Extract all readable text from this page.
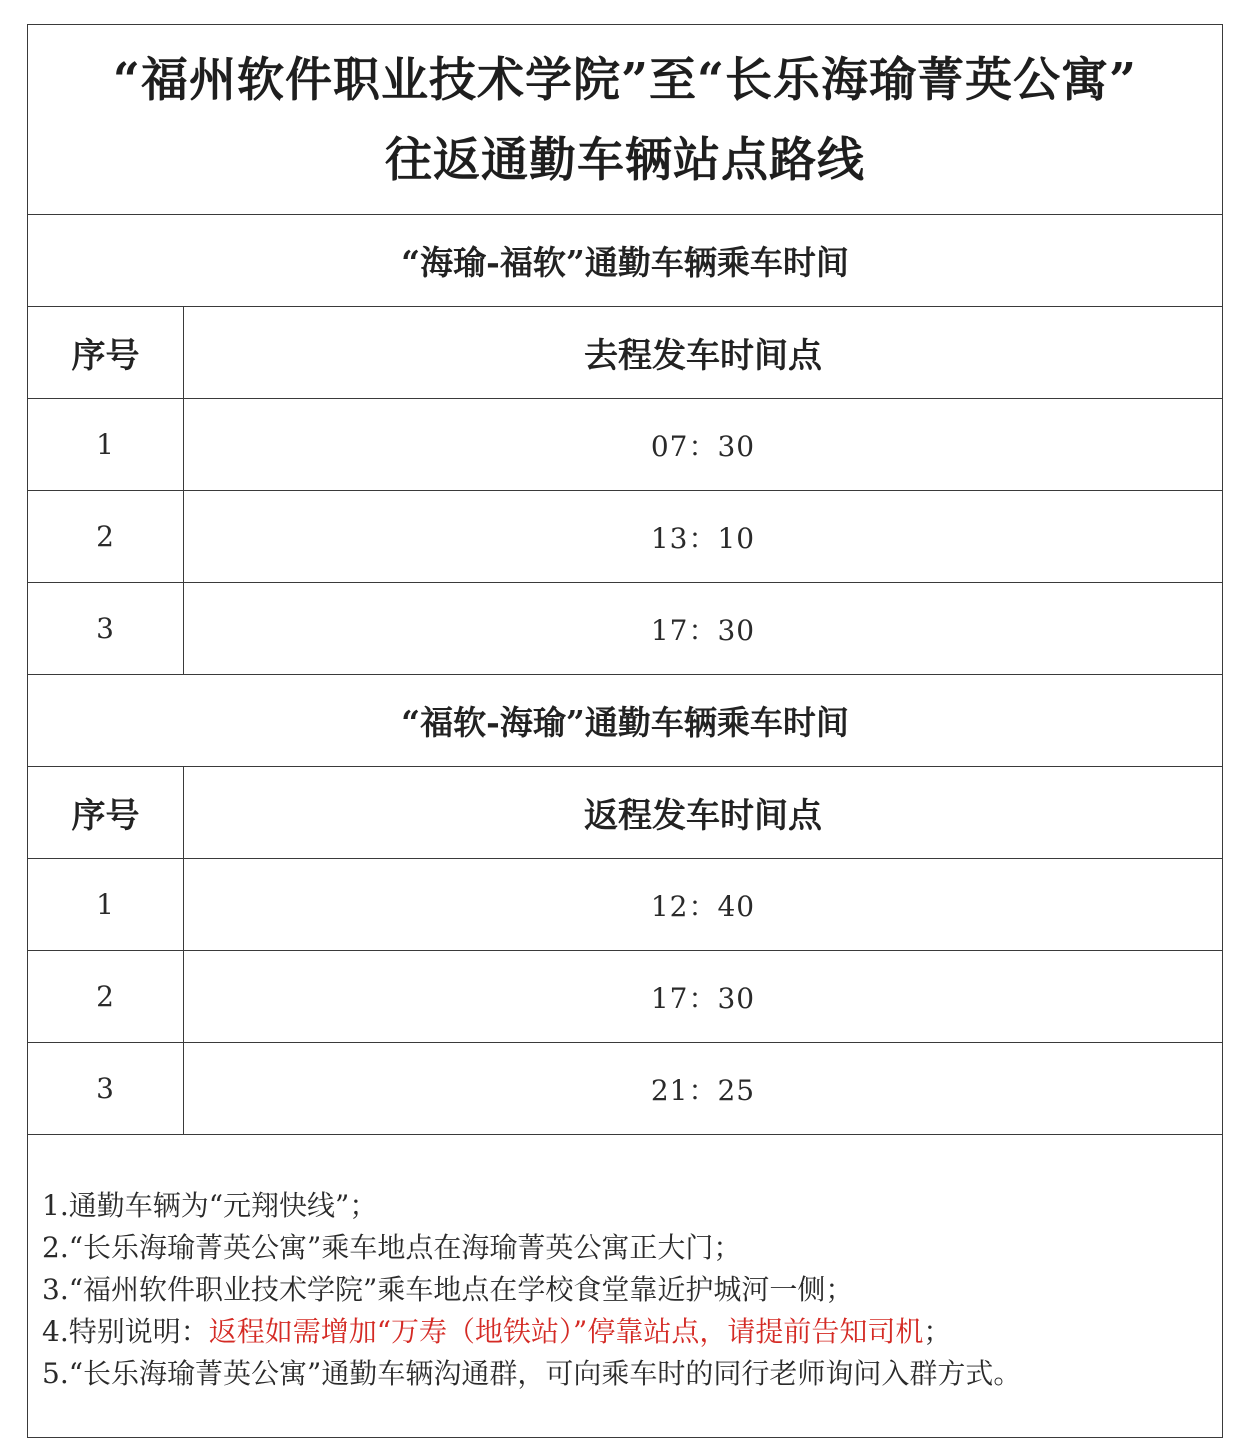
“福州软件职业技术学院”至“长乐海瑜菁英公寓”
往返通勤车辆站点路线
“海瑜-福软”通勤车辆乘车时间
序号	去程发车时间点
1	07：30
2	13：10
3	17：30
“福软-海瑜”通勤车辆乘车时间
序号	返程发车时间点
1	12：40
2	17：30
3	21：25
1.通勤车辆为“元翔快线”；
2.“长乐海瑜菁英公寓”乘车地点在海瑜菁英公寓正大门；
3.“福州软件职业技术学院”乘车地点在学校食堂靠近护城河一侧；
4.特别说明：返程如需增加“万寿（地铁站）”停靠站点，请提前告知司机；
5.“长乐海瑜菁英公寓”通勤车辆沟通群，可向乘车时的同行老师询问入群方式。
